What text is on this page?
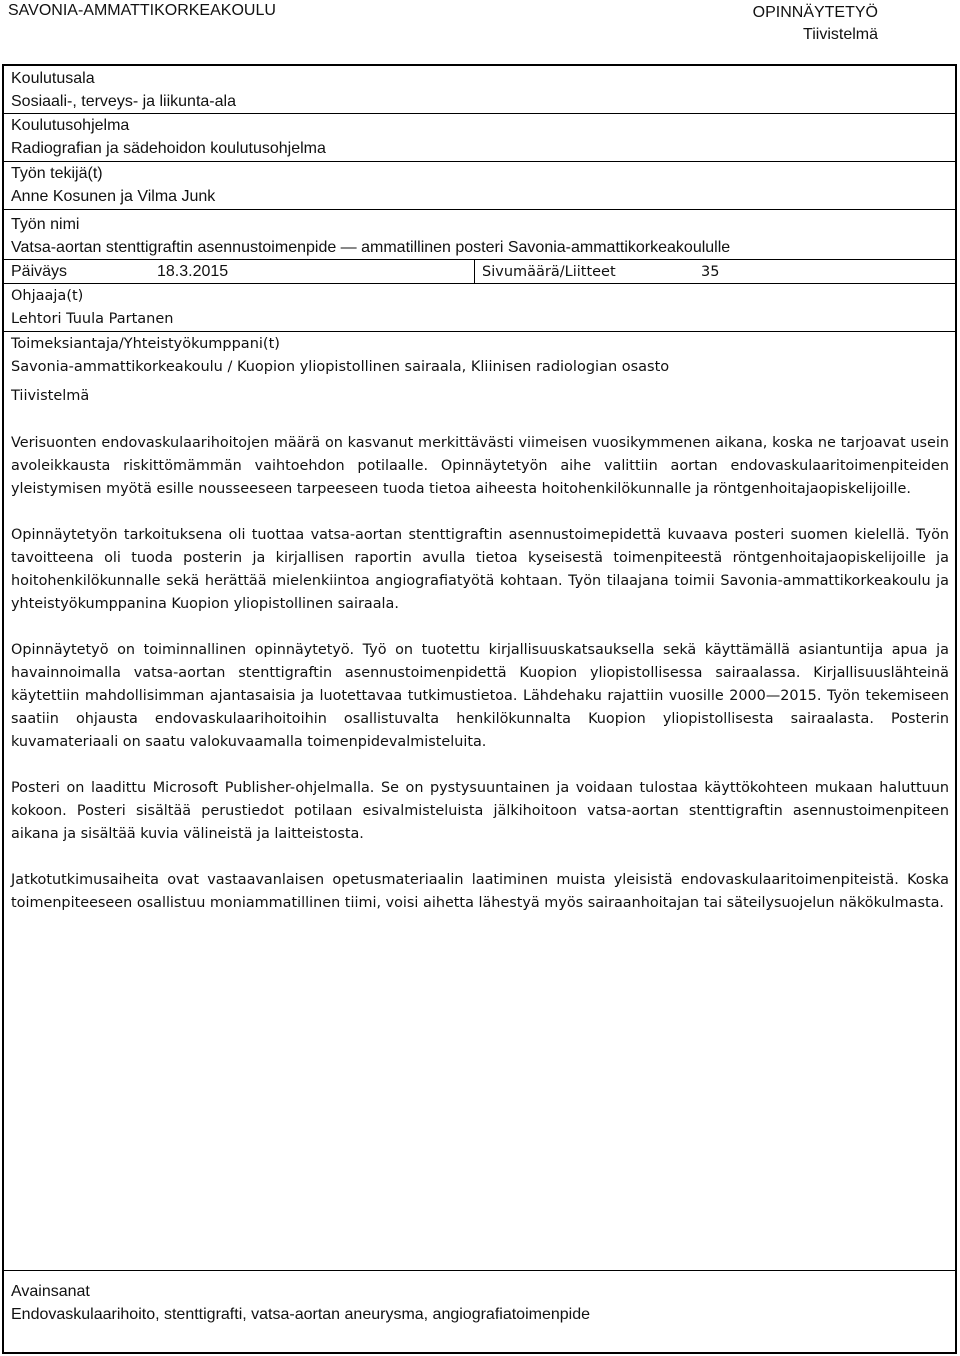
SAVONIA-AMMATTIKORKEAKOULU	OPINNÄYTETYÖ
Tiivistelmä
Koulutusala
Sosiaali-, terveys- ja liikunta-ala
Koulutusohjelma
Radiografian ja sädehoidon koulutusohjelma
Työn tekijä(t)
Anne Kosunen ja Vilma Junk
Työn nimi
Vatsa-aortan stenttigraftin asennustoimenpide — ammatillinen posteri Savonia-ammattikorkeakoululle
Päiväys	18.3.2015	Sivumäärä/Liitteet	35
Ohjaaja(t)
Lehtori Tuula Partanen
Toimeksiantaja/Yhteistyökumppani(t)
Savonia-ammattikorkeakoulu / Kuopion yliopistollinen sairaala, Kliinisen radiologian osasto
Tiivistelmä

Verisuonten endovaskulaarihoitojen määrä on kasvanut merkittävästi viimeisen vuosikymmenen aikana, koska ne tarjoavat usein avoleikkausta riskittömämmän vaihtoehdon potilaalle. Opinnäytetyön aihe valittiin aortan endovaskulaaritoimenpiteiden yleistymisen myötä esille nousseeseen tarpeeseen tuoda tietoa aiheesta hoitohenkilökunnalle ja röntgenhoitajaopiskelijoille.

Opinnäytetyön tarkoituksena oli tuottaa vatsa-aortan stenttigraftin asennustoimepidettä kuvaava posteri suomen kielellä. Työn tavoitteena oli tuoda posterin ja kirjallisen raportin avulla tietoa kyseisestä toimenpiteestä röntgenhoitajaopiskelijoille ja hoitohenkilökunnalle sekä herättää mielenkiintoa angiografiatyötä kohtaan. Työn tilaajana toimii Savonia-ammattikorkeakoulu ja yhteistyökumppanina Kuopion yliopistollinen sairaala.

Opinnäytetyö on toiminnallinen opinnäytetyö. Työ on tuotettu kirjallisuuskatsauksella sekä käyttämällä asiantuntija apua ja havainnoimalla vatsa-aortan stenttigraftin asennustoimenpidettä Kuopion yliopistollisessa sairaalassa. Kirjallisuuslähteinä käytettiin mahdollisimman ajantasaisia ja luotettavaa tutkimustietoa. Lähdehaku rajattiin vuosille 2000—2015. Työn tekemiseen saatiin ohjausta endovaskulaarihoitoihin osallistuvalta henkilökunnalta Kuopion yliopistollisesta sairaalasta. Posterin kuvamateriaali on saatu valokuvaamalla toimenpidevalmisteluita.

Posteri on laadittu Microsoft Publisher-ohjelmalla. Se on pystysuuntainen ja voidaan tulostaa käyttökohteen mukaan haluttuun kokoon. Posteri sisältää perustiedot potilaan esivalmisteluista jälkihoitoon vatsa-aortan stenttigraftin asennustoimenpiteen aikana ja sisältää kuvia välineistä ja laitteistosta.

Jatkotutkimusaiheita ovat vastaavanlaisen opetusmateriaalin laatiminen muista yleisistä endovaskulaaritoimenpiteistä. Koska toimenpiteeseen osallistuu moniammatillinen tiimi, voisi aihetta lähestyä myös sairaanhoitajan tai säteilysuojelun näkökulmasta.

Avainsanat
Endovaskulaarihoito, stenttigrafti, vatsa-aortan aneurysma, angiografiatoimenpide
